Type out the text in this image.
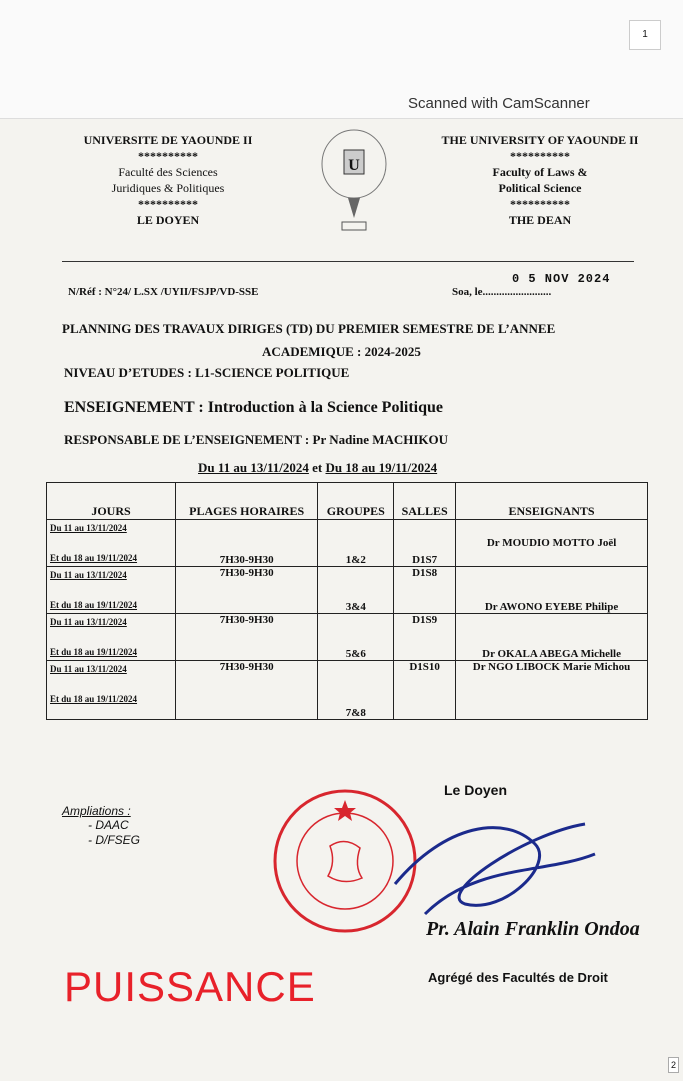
1
Scanned with CamScanner
UNIVERSITE DE YAOUNDE II
**********
Faculté des Sciences
Juridiques & Politiques
**********
LE DOYEN
U
THE UNIVERSITY OF YAOUNDE II
**********
Faculty of Laws &
Political Science
**********
THE DEAN
N/Réf : N°24/ L.SX /UYII/FSJP/VD-SSE
0 5 NOV 2024
Soa, le.........................
PLANNING DES TRAVAUX DIRIGES (TD) DU PREMIER SEMESTRE DE L’ANNEE
ACADEMIQUE : 2024-2025
NIVEAU D’ETUDES : L1-SCIENCE POLITIQUE
ENSEIGNEMENT : Introduction à la Science Politique
RESPONSABLE DE L’ENSEIGNEMENT : Pr Nadine MACHIKOU
Du 11 au 13/11/2024 et Du 18 au 19/11/2024
JOURS	PLAGES HORAIRES	GROUPES	SALLES	ENSEIGNANTS

Du 11 au 13/11/2024
Et du 18 au 19/11/2024	7H30-9H30	1&2	D1S7	Dr MOUDIO MOTTO Joël

Du 11 au 13/11/2024
Et du 18 au 19/11/2024	7H30-9H30	3&4	D1S8	Dr AWONO EYEBE Philipe

Du 11 au 13/11/2024
Et du 18 au 19/11/2024	7H30-9H30	5&6	D1S9	Dr OKALA ABEGA Michelle

Du 11 au 13/11/2024
Et du 18 au 19/11/2024	7H30-9H30	7&8	D1S10	Dr NGO LIBOCK Marie Michou
Ampliations :
- DAAC
- D/FSEG
Le Doyen
Pr. Alain Franklin Ondoa
Agrégé des Facultés de Droit
PUISSANCE
2
